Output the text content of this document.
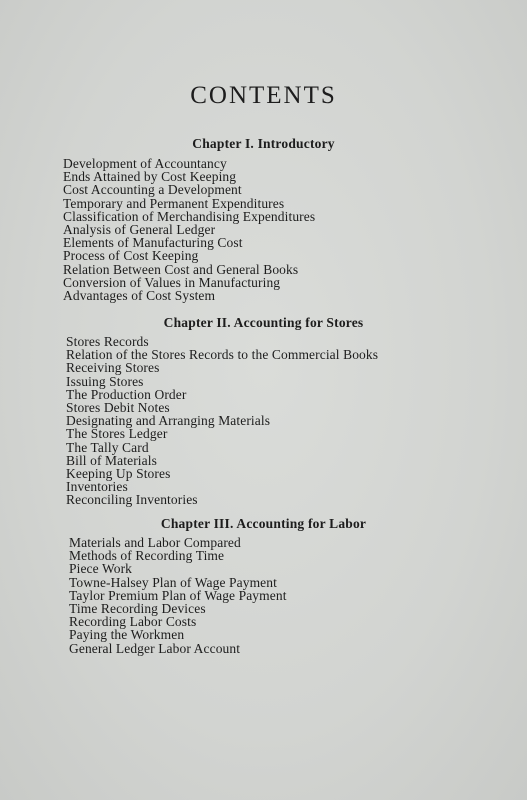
CONTENTS
Chapter I. Introductory
Development of Accountancy
Ends Attained by Cost Keeping
Cost Accounting a Development
Temporary and Permanent Expenditures
Classification of Merchandising Expenditures
Analysis of General Ledger
Elements of Manufacturing Cost
Process of Cost Keeping
Relation Between Cost and General Books
Conversion of Values in Manufacturing
Advantages of Cost System
Chapter II. Accounting for Stores
Stores Records
Relation of the Stores Records to the Commercial Books
Receiving Stores
Issuing Stores
The Production Order
Stores Debit Notes
Designating and Arranging Materials
The Stores Ledger
The Tally Card
Bill of Materials
Keeping Up Stores
Inventories
Reconciling Inventories
Chapter III. Accounting for Labor
Materials and Labor Compared
Methods of Recording Time
Piece Work
Towne-Halsey Plan of Wage Payment
Taylor Premium Plan of Wage Payment
Time Recording Devices
Recording Labor Costs
Paying the Workmen
General Ledger Labor Account
